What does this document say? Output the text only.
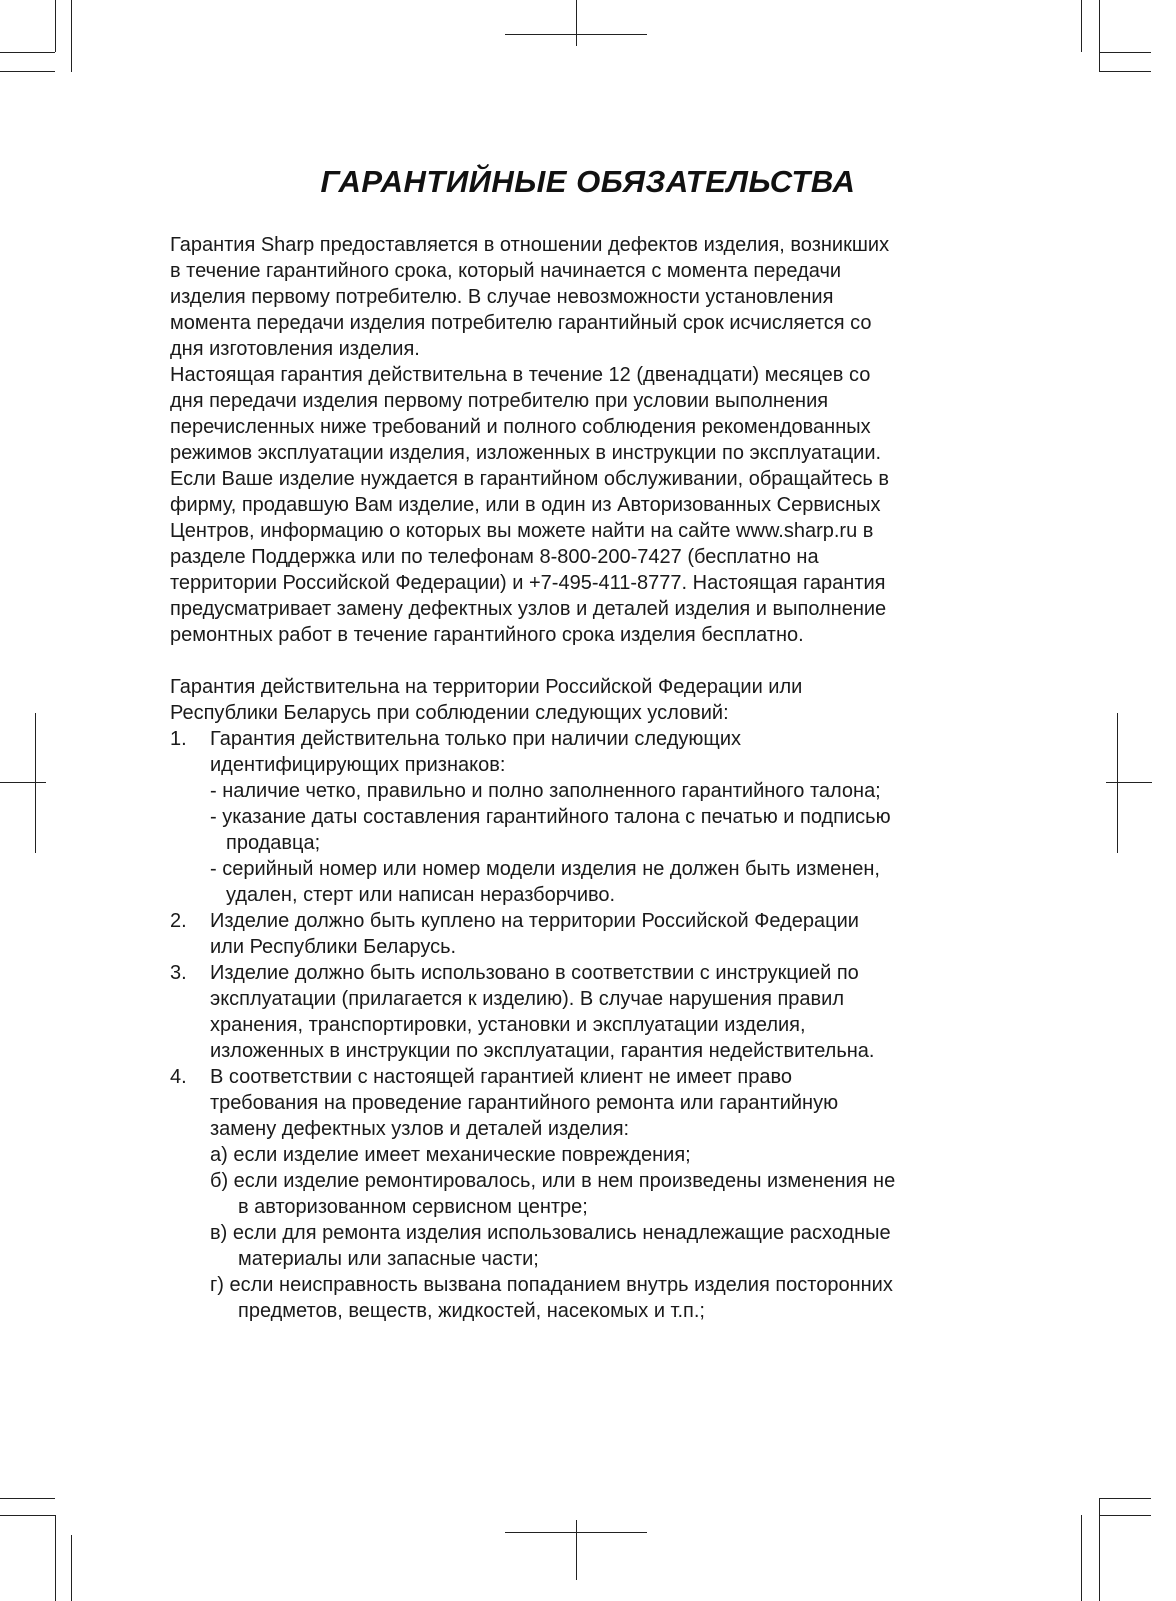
ГАРАНТИЙНЫЕ ОБЯЗАТЕЛЬСТВА
Гарантия Sharp предоставляется в отношении дефектов изделия, возникших
в течение гарантийного срока, который начинается с момента передачи
изделия первому потребителю. В случае невозможности установления
момента передачи изделия потребителю гарантийный срок исчисляется со
дня изготовления изделия.
Настоящая гарантия действительна в течение 12 (двенадцати) месяцев со
дня передачи изделия первому потребителю при условии выполнения
перечисленных ниже требований и полного соблюдения рекомендованных
режимов эксплуатации изделия, изложенных в инструкции по эксплуатации.
Если Ваше изделие нуждается в гарантийном обслуживании, обращайтесь в
фирму, продавшую Вам изделие, или в один из Авторизованных Сервисных
Центров, информацию о которых вы можете найти на сайте www.sharp.ru в
разделе Поддержка или по телефонам 8-800-200-7427 (бесплатно на
территории Российской Федерации) и +7-495-411-8777. Настоящая гарантия
предусматривает замену дефектных узлов и деталей изделия и выполнение
ремонтных работ в течение гарантийного срока изделия бесплатно.
Гарантия действительна на территории Российской Федерации или
Республики Беларусь при соблюдении следующих условий:
1. Гарантия действительна только при наличии следующих
идентифицирующих признаков:
- наличие четко, правильно и полно заполненного гарантийного талона;
- указание даты составления гарантийного талона с печатью и подписью
продавца;
- серийный номер или номер модели изделия не должен быть изменен,
удален, стерт или написан неразборчиво.
2. Изделие должно быть куплено на территории Российской Федерации
или Республики Беларусь.
3. Изделие должно быть использовано в соответствии с инструкцией по
эксплуатации (прилагается к изделию). В случае нарушения правил
хранения, транспортировки, установки и эксплуатации изделия,
изложенных в инструкции по эксплуатации, гарантия недействительна.
4. В соответствии с настоящей гарантией клиент не имеет право
требования на проведение гарантийного ремонта или гарантийную
замену дефектных узлов и деталей изделия:
а) если изделие имеет механические повреждения;
б) если изделие ремонтировалось, или в нем произведены изменения не
в авторизованном сервисном центре;
в) если для ремонта изделия использовались ненадлежащие расходные
материалы или запасные части;
г) если неисправность вызвана попаданием внутрь изделия посторонних
предметов, веществ, жидкостей, насекомых и т.п.;
